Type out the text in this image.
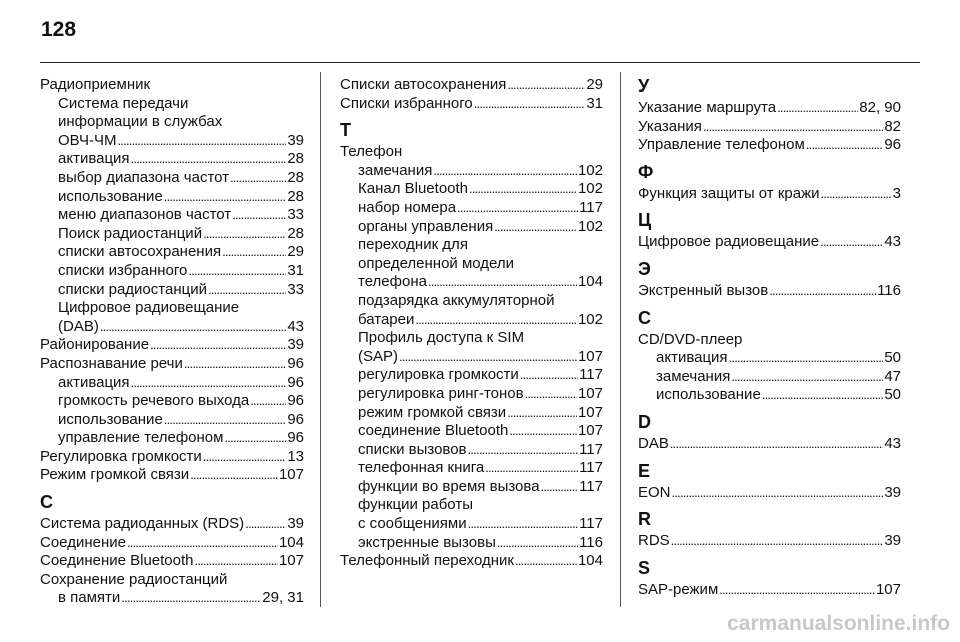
128
Радиоприемник
Система передачи
информации в службах
ОВЧ-ЧМ . . .	39
активация . . .	28
выбор диапазона частот . . .	28
использование . . .	28
меню диапазонов частот . . .	33
Поиск радиостанций . . .	28
списки автосохранения . . .	29
списки избранного . . .	31
списки радиостанций . . .	33
Цифровое радиовещание
(DAB) . . .	43
Районирование . . .	39
Распознавание речи . . .	96
активация . . .	96
громкость речевого выхода . . .	96
использование . . .	96
управление телефоном . . .	96
Регулировка громкости . . .	13
Режим громкой связи . . .	107
С
Система радиоданных (RDS) . . .	39
Соединение . . .	104
Соединение Bluetooth . . .	107
Сохранение радиостанций
в памяти . . .	29, 31
Списки автосохранения . . .	29
Списки избранного . . .	31
Т
Телефон
замечания . . .	102
Канал Bluetooth . . .	102
набор номера . . .	117
органы управления . . .	102
переходник для
определенной модели
телефона . . .	104
подзарядка аккумуляторной
батареи . . .	102
Профиль доступа к SIM
(SAP) . . .	107
регулировка громкости . . .	117
регулировка ринг-тонов . . .	107
режим громкой связи . . .	107
соединение Bluetooth . . .	107
списки вызовов . . .	117
телефонная книга . . .	117
функции во время вызова . . .	117
функции работы
с сообщениями . . .	117
экстренные вызовы . . .	116
Телефонный переходник . . .	104
У
Указание маршрута . . .	82, 90
Указания . . .	82
Управление телефоном . . .	96
Ф
Функция защиты от кражи . . .	3
Ц
Цифровое радиовещание . . .	43
Э
Экстренный вызов . . .	116
C
CD/DVD-плеер
активация . . .	50
замечания . . .	47
использование . . .	50
D
DAB . . .	43
E
EON . . .	39
R
RDS . . .	39
S
SAP-режим . . .	107
carmanualsonline.info
